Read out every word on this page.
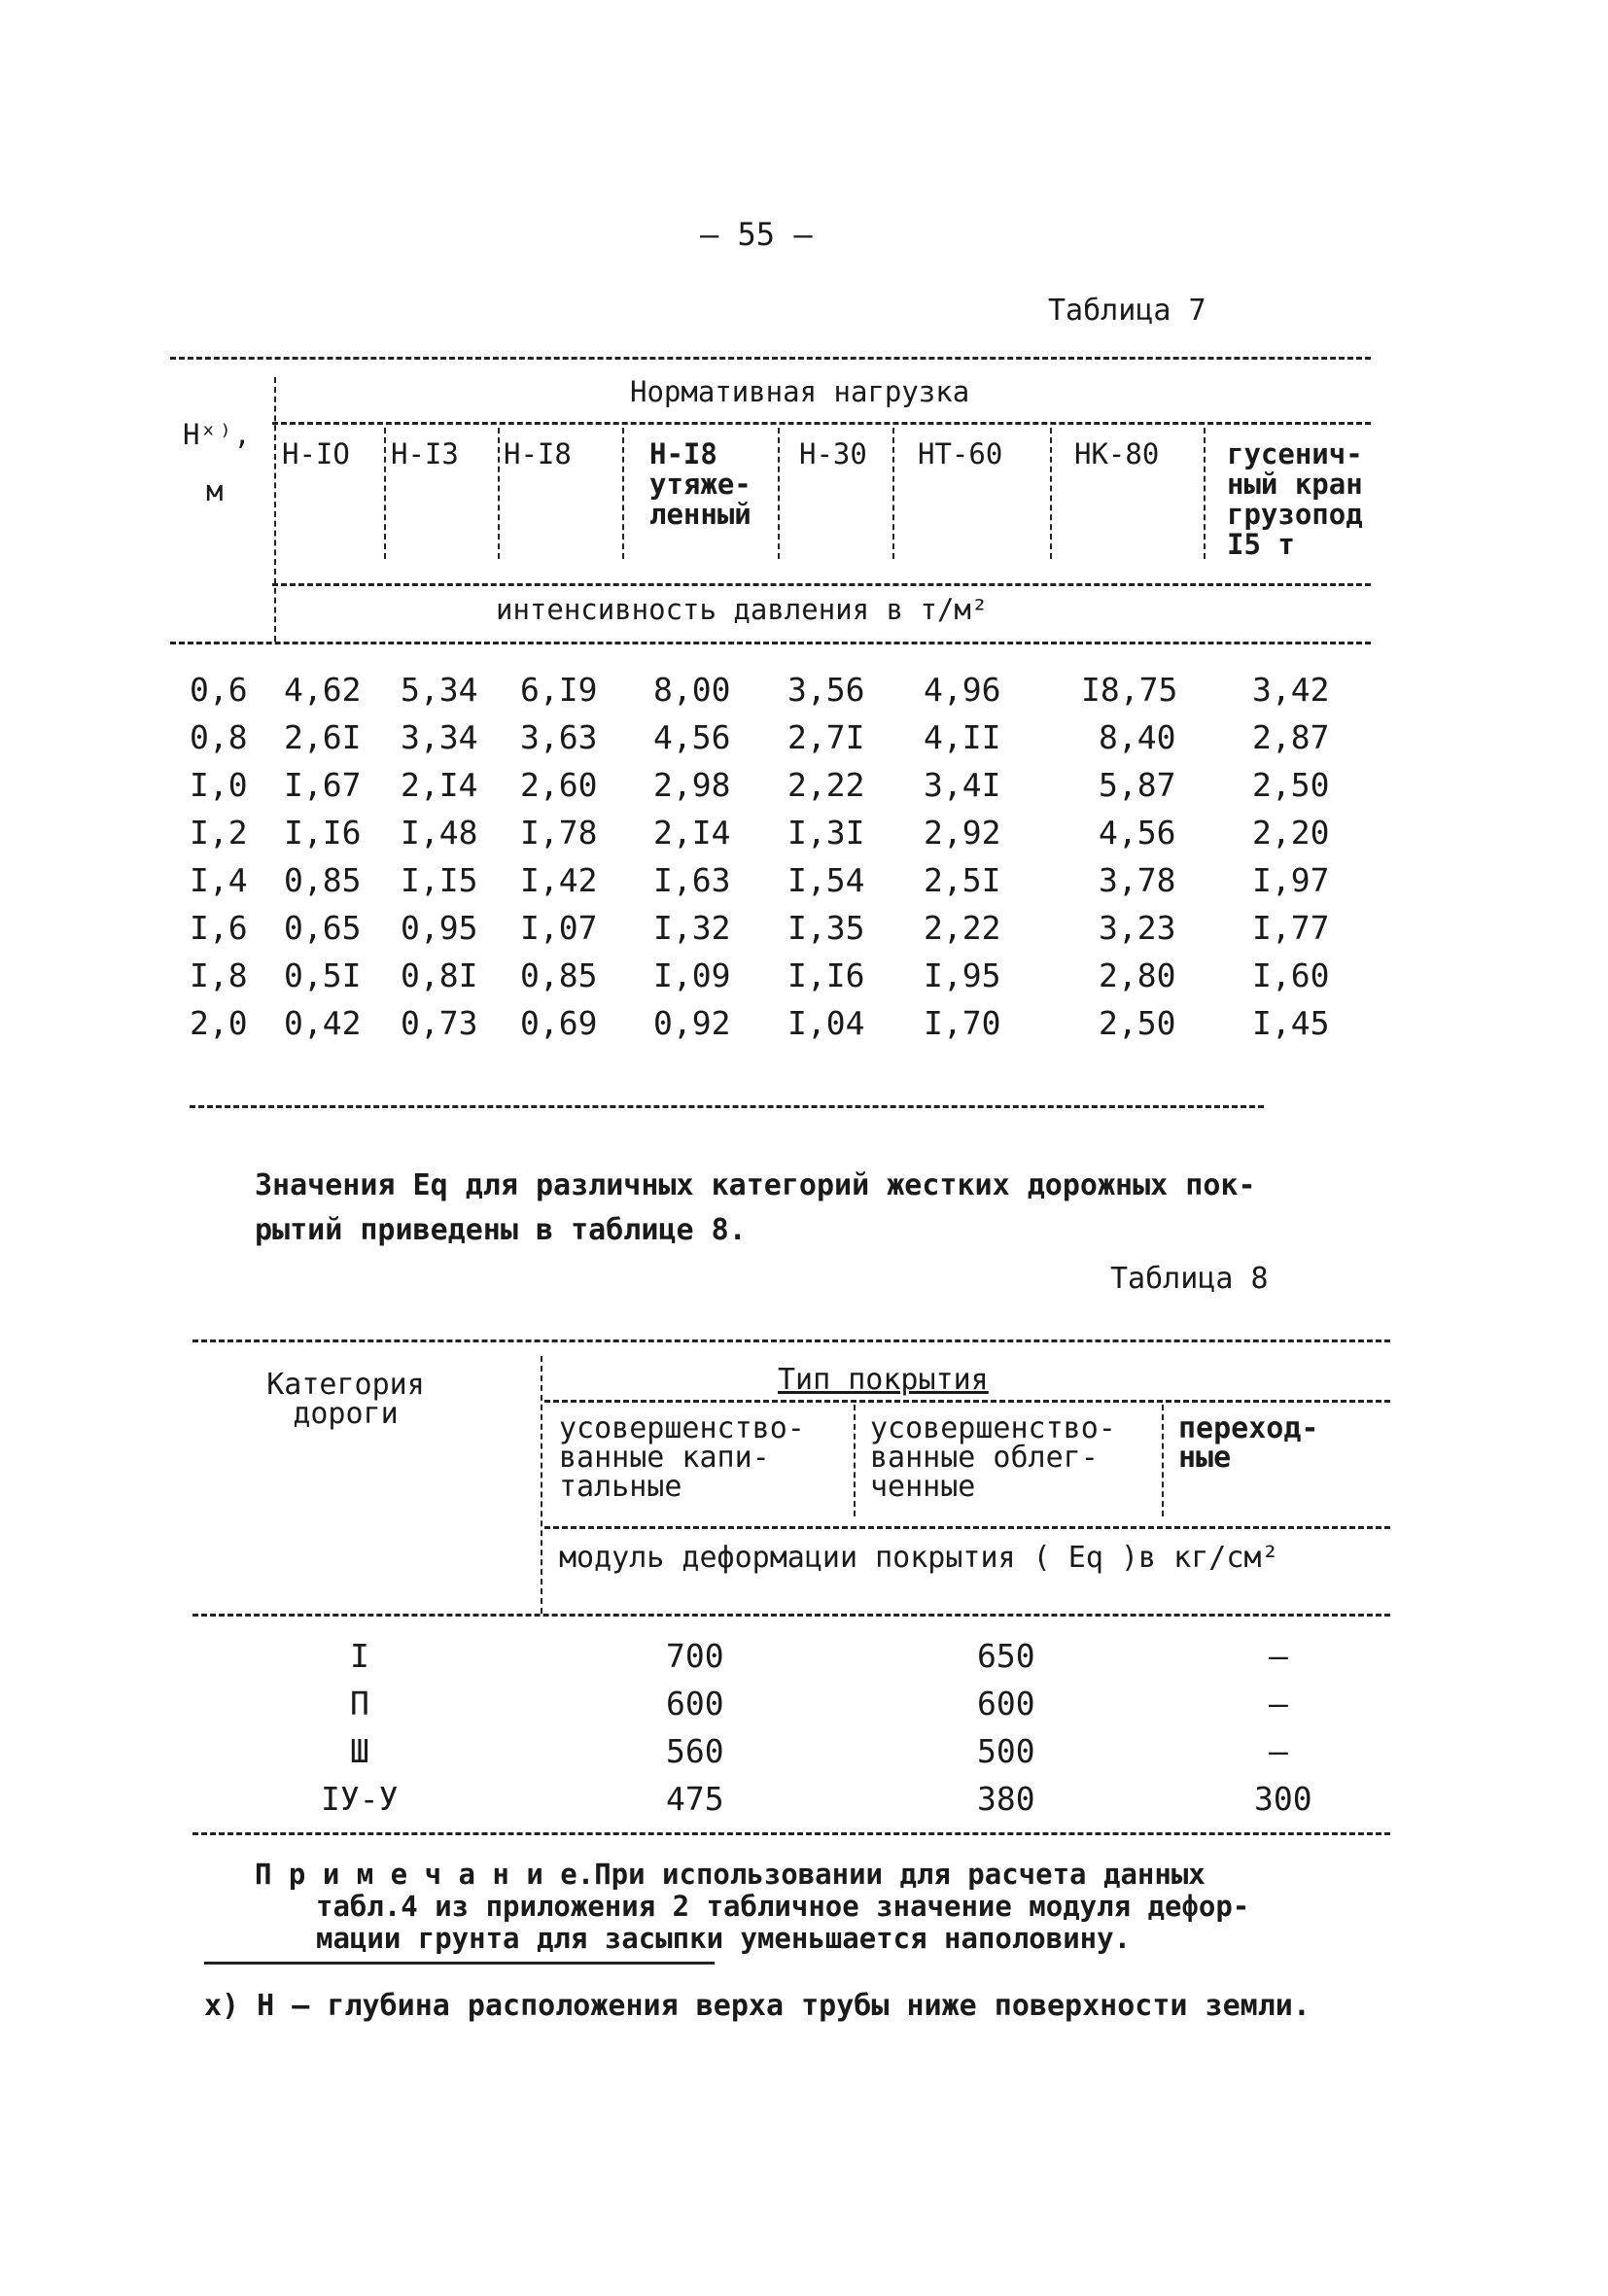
— 55 —
Таблица 7
Нˣ⁾,
м
Нормативная нагрузка
Н-IO	Н-I3	Н-I8	Н-I8 утяже- ленный
Н-30	НТ-60	НК-80	гусенич- ный кран грузопод I5 т
интенсивность давления в т/м²
0,6 4,62 5,34 6,I9 8,00 3,56 4,96	I8,75 3,42
0,8 2,6I 3,34 3,63 4,56 2,7I 4,II	8,40 2,87
I,0 I,67 2,I4 2,60 2,98 2,22 3,4I	5,87 2,50
I,2 I,I6 I,48 I,78 2,I4 I,3I 2,92	4,56 2,20
I,4 0,85 I,I5 I,42 I,63 I,54 2,5I	3,78 I,97
I,6 0,65 0,95 I,07 I,32 I,35 2,22	3,23 I,77
I,8 0,5I 0,8I 0,85 I,09 I,I6 I,95	2,80 I,60
2,0 0,42 0,73 0,69 0,92 I,04 I,70	2,50 I,45
Значения Eq для различных категорий жестких дорожных пок-
рытий приведены в таблице 8.
Таблица 8
Категория дороги
Тип покрытия
усовершенство- ванные капи- тальные
усовершенство- ванные облег- ченные
переход- ные
модуль деформации покрытия ( Eq )в кг/см²
I	700	650	–
П	600	600	–
Ш	560	500	–
IУ-У	475	380	300
П р и м е ч а н и е.При использовании для расчета данных
табл.4 из приложения 2 табличное значение модуля дефор-
мации грунта для засыпки уменьшается наполовину.
x) Н – глубина расположения верха трубы ниже поверхности земли.
